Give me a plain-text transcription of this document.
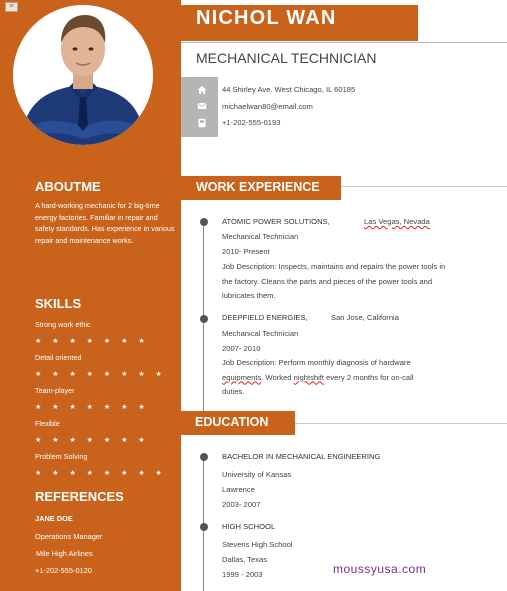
≡
ABOUTME

A hard-working mechanic for 2 big-time energy factories. Familiar in repair and safety standards. Has experience in various repair and maintenance works.

SKILLS
Strong work ethic
★ ★ ★ ★ ★ ★ ★
Detail oriented
★ ★ ★ ★ ★ ★ ★ ★
Team-player
★ ★ ★ ★ ★ ★ ★
Flexible
★ ★ ★ ★ ★ ★ ★
Problem Solving
★ ★ ★ ★ ★ ★ ★ ★
REFERENCES
JANE DOE
Operations Manager
Mile High Airlines
+1-202-555-0120
NICHOL WAN
MECHANICAL TECHNICIAN
44 Shirley Ave. West Chicago, IL 60185
michaelwan80@email.com
+1-202-555-0193
WORK EXPERIENCE
ATOMIC POWER SOLUTIONS,	Las Vegas, Nevada
Mechanical Technician
2010- Present
Job Description: Inspects, maintains and repairs the power tools in the factory. Cleans the parts and pieces of the power tools and lubricates them.
DEEPFIELD ENERGIES,	San Jose, California
Mechanical Technician
2007- 2010
Job Description: Perform monthly diagnosis of hardware equipments. Worked nightshift every 2 months for on-call duties.
EDUCATION
BACHELOR IN MECHANICAL ENGINEERING
University of Kansas
Lawrence
2003- 2007
HIGH SCHOOL
Stevens High School
Dallas, Texas
1999 - 2003	moussyusa.com
